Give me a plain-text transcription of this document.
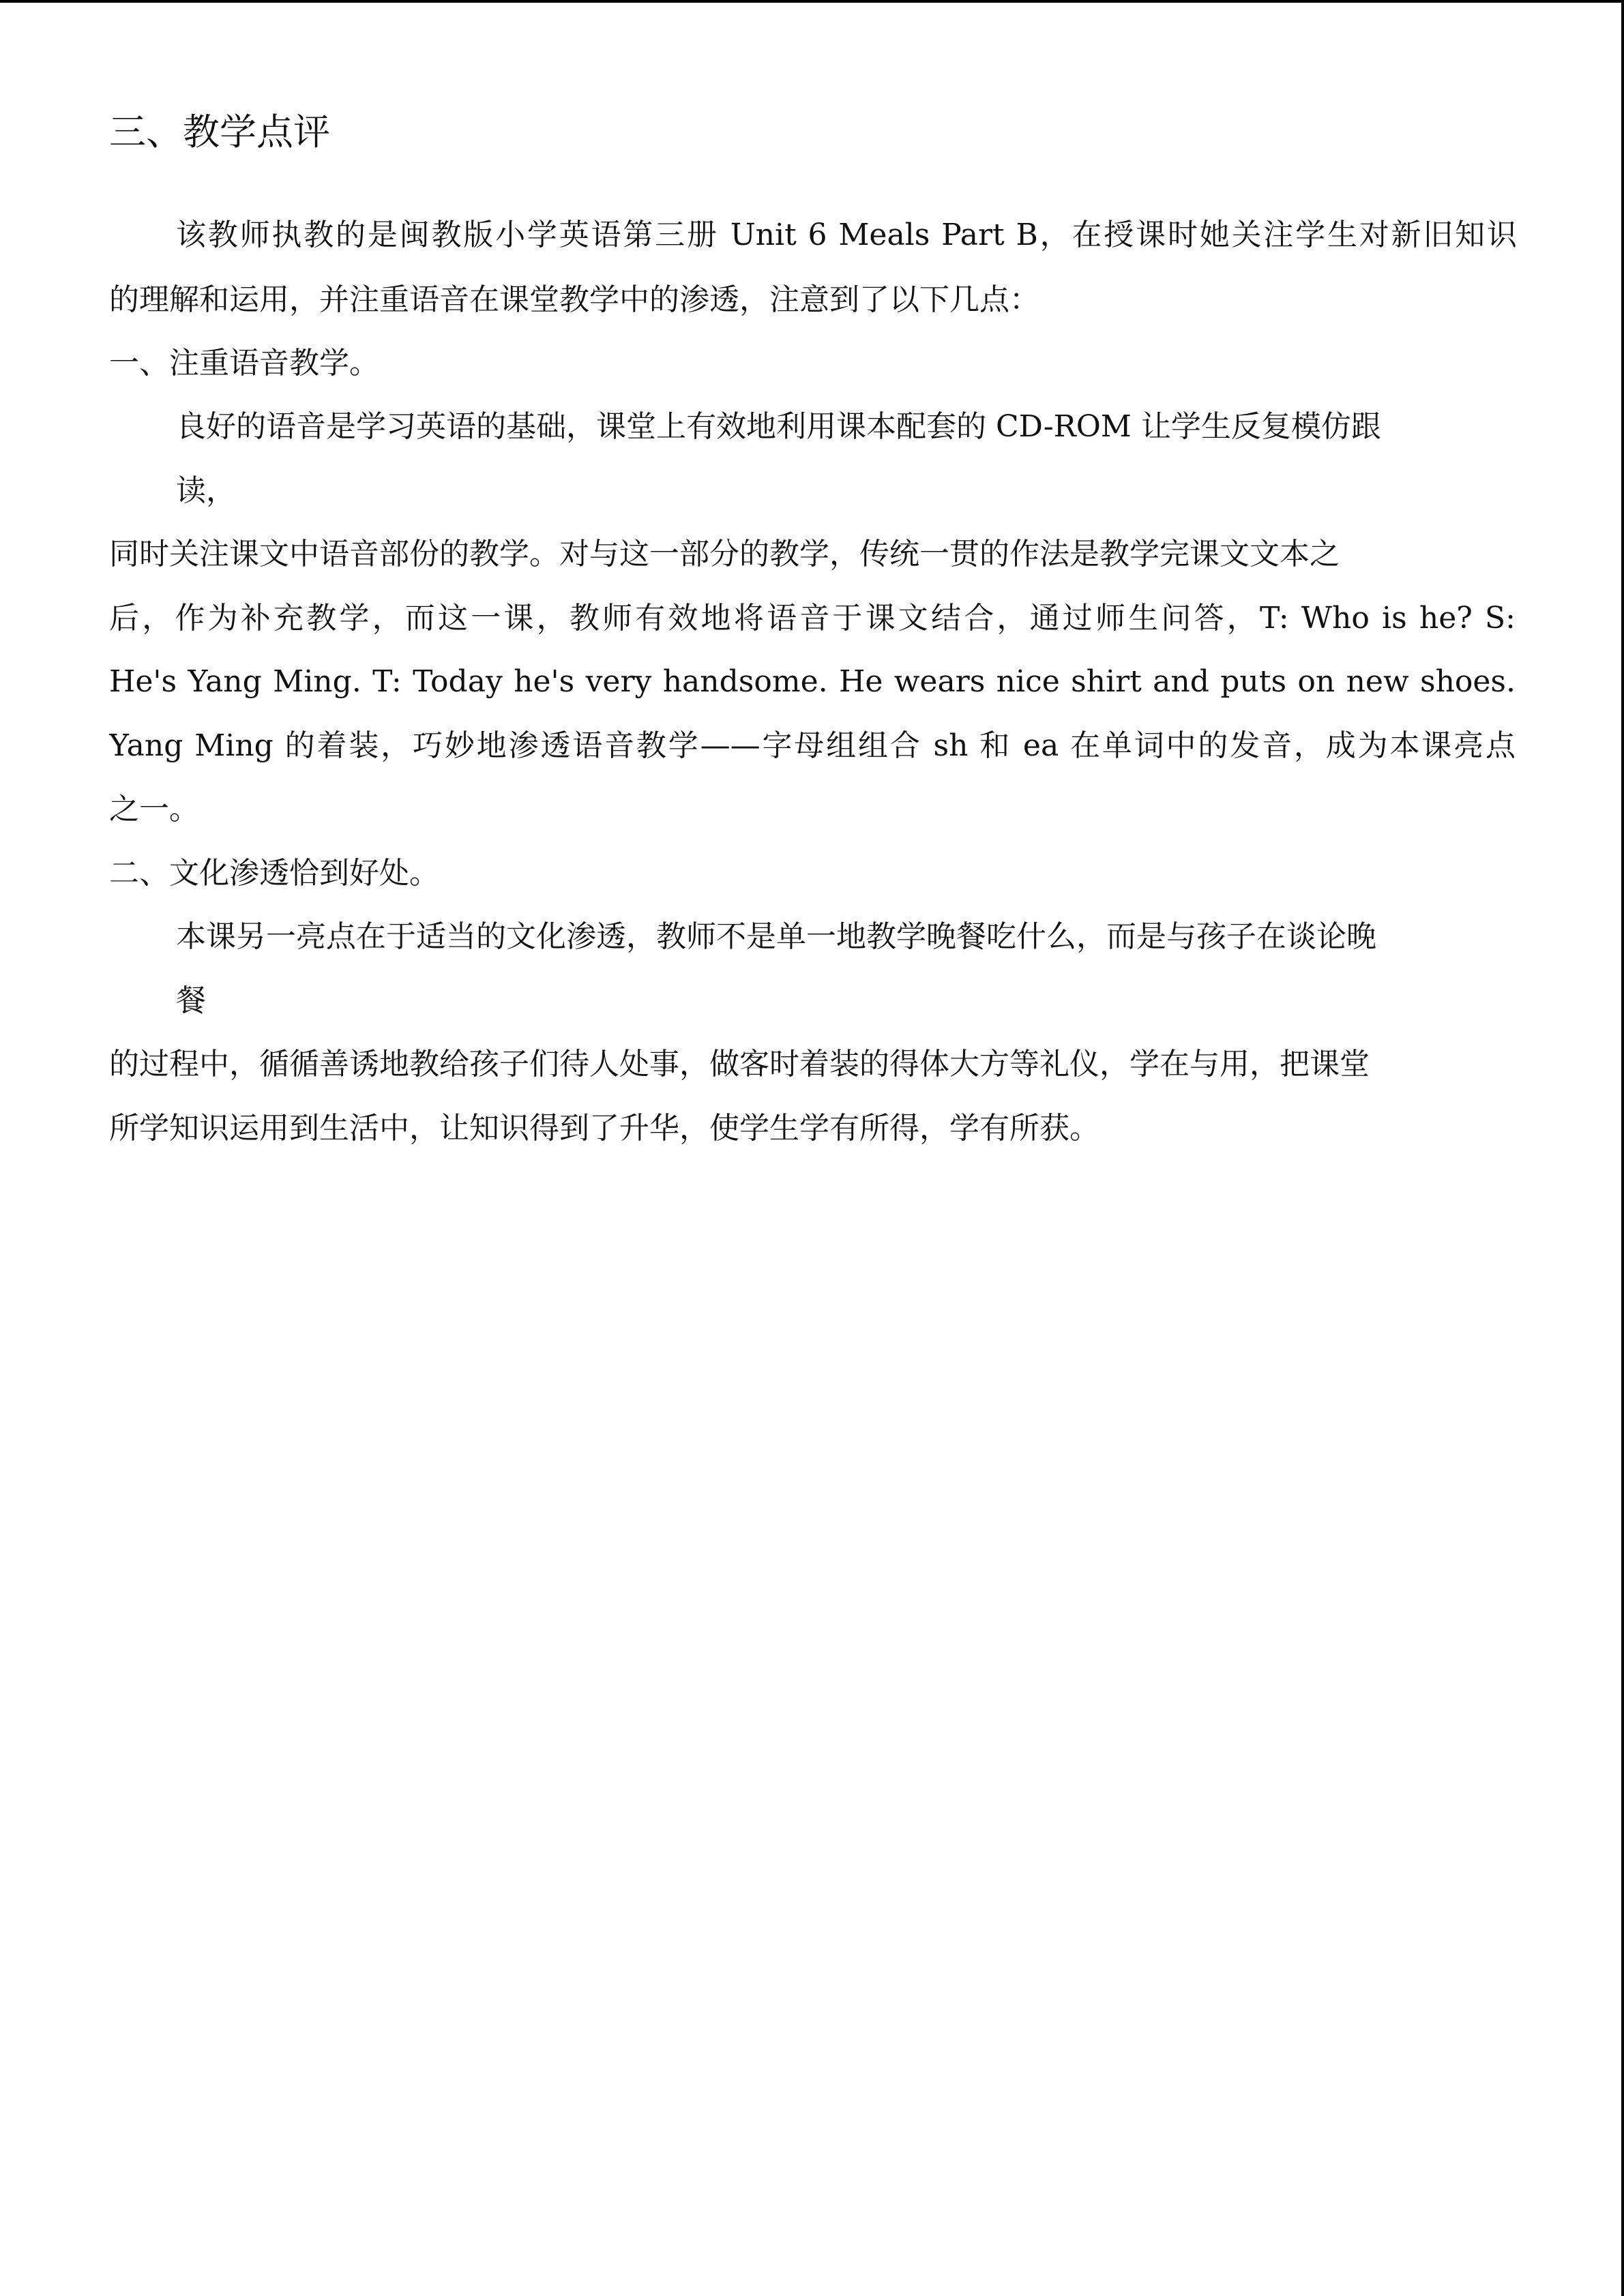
三、教学点评
该教师执教的是闽教版小学英语第三册 Unit 6 Meals Part B，在授课时她关注学生对新旧知识
的理解和运用，并注重语音在课堂教学中的渗透，注意到了以下几点：
一、注重语音教学。
良好的语音是学习英语的基础，课堂上有效地利用课本配套的 CD-ROM 让学生反复模仿跟
读，
同时关注课文中语音部份的教学。对与这一部分的教学，传统一贯的作法是教学完课文文本之
后，作为补充教学，而这一课，教师有效地将语音于课文结合，通过师生问答，T: Who is he? S:
He's Yang Ming. T: Today he's very handsome. He wears nice shirt and puts on new shoes.
Yang Ming 的着装，巧妙地渗透语音教学——字母组组合 sh 和 ea 在单词中的发音，成为本课亮点
之一。
二、文化渗透恰到好处。
本课另一亮点在于适当的文化渗透，教师不是单一地教学晚餐吃什么，而是与孩子在谈论晚
餐
的过程中，循循善诱地教给孩子们待人处事，做客时着装的得体大方等礼仪，学在与用，把课堂
所学知识运用到生活中，让知识得到了升华，使学生学有所得，学有所获。
